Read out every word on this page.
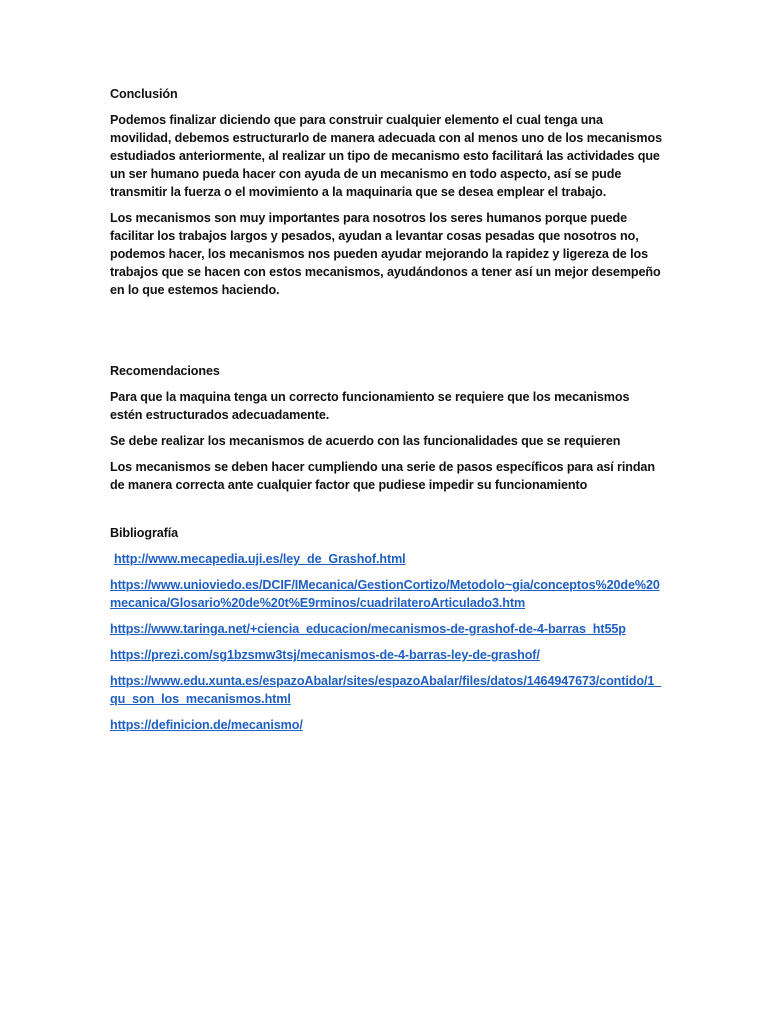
Conclusión

Podemos finalizar diciendo que para construir cualquier elemento el cual tenga una movilidad, debemos estructurarlo de manera adecuada con al menos uno de los mecanismos estudiados anteriormente, al realizar un tipo de mecanismo esto facilitará las actividades que un ser humano pueda hacer con ayuda de un mecanismo en todo aspecto, así se pude transmitir la fuerza o el movimiento a la maquinaria que se desea emplear el trabajo.

Los mecanismos son muy importantes para nosotros los seres humanos porque puede facilitar los trabajos largos y pesados, ayudan a levantar cosas pesadas que nosotros no, podemos hacer, los mecanismos nos pueden ayudar mejorando la rapidez y ligereza de los trabajos que se hacen con estos mecanismos, ayudándonos a tener así un mejor desempeño en lo que estemos haciendo.

Recomendaciones

Para que la maquina tenga un correcto funcionamiento se requiere que los mecanismos estén estructurados adecuadamente.

Se debe realizar los mecanismos de acuerdo con las funcionalidades que se requieren

Los mecanismos se deben hacer cumpliendo una serie de pasos específicos para así rindan de manera correcta ante cualquier factor que pudiese impedir su funcionamiento

Bibliografía
http://www.mecapedia.uji.es/ley_de_Grashof.html
https://www.unioviedo.es/DCIF/IMecanica/GestionCortizo/Metodolo~gia/conceptos%20de%20mecanica/Glosario%20de%20t%E9rminos/cuadrilateroArticulado3.htm
https://www.taringa.net/+ciencia_educacion/mecanismos-de-grashof-de-4-barras_ht55p
https://prezi.com/sg1bzsmw3tsj/mecanismos-de-4-barras-ley-de-grashof/
https://www.edu.xunta.es/espazoAbalar/sites/espazoAbalar/files/datos/1464947673/contido/1_qu_son_los_mecanismos.html
https://definicion.de/mecanismo/
